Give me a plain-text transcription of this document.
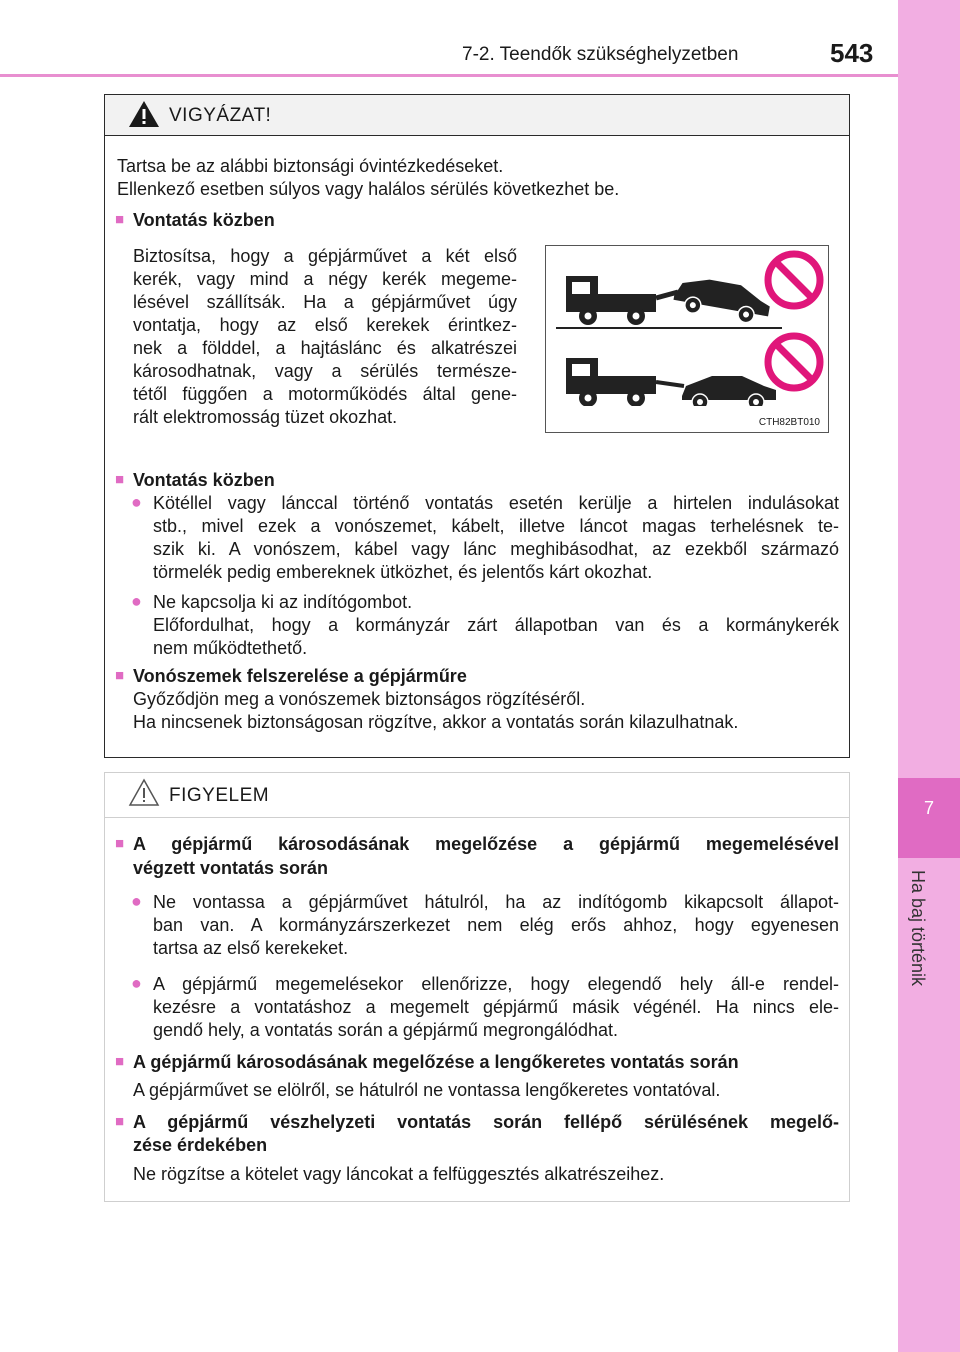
7-2. Teendők szükséghelyzetben	543
7
Ha baj történik
VIGYÁZAT!
Tartsa be az alábbi biztonsági óvintézkedéseket.
Ellenkező esetben súlyos vagy halálos sérülés következhet be.
■ Vontatás közben
Biztosítsa, hogy a gépjárművet a két első
kerék, vagy mind a négy kerék megeme-
lésével szállítsák. Ha a gépjárművet úgy
vontatja, hogy az első kerekek érintkez-
nek a földdel, a hajtáslánc és alkatrészei
károsodhatnak, vagy a sérülés természe-
tétől függően a motorműködés által gene-
rált elektromosság tüzet okozhat.	CTH82BT010
■ Vontatás közben
● Kötéllel vagy lánccal történő vontatás esetén kerülje a hirtelen indulásokat
stb., mivel ezek a vonószemet, kábelt, illetve láncot magas terhelésnek te-
szik ki. A vonószem, kábel vagy lánc meghibásodhat, az ezekből származó
törmelék pedig embereknek ütközhet, és jelentős kárt okozhat.
● Ne kapcsolja ki az indítógombot.
Előfordulhat, hogy a kormányzár zárt állapotban van és a kormánykerék
nem működtethető.
■ Vonószemek felszerelése a gépjárműre
Győződjön meg a vonószemek biztonságos rögzítéséről.
Ha nincsenek biztonságosan rögzítve, akkor a vontatás során kilazulhatnak.
FIGYELEM
■ A gépjármű károsodásának megelőzése a gépjármű megemelésével
végzett vontatás során
● Ne vontassa a gépjárművet hátulról, ha az indítógomb kikapcsolt állapot-
ban van. A kormányzárszerkezet nem elég erős ahhoz, hogy egyenesen
tartsa az első kerekeket.
● A gépjármű megemelésekor ellenőrizze, hogy elegendő hely áll-e rendel-
kezésre a vontatáshoz a megemelt gépjármű másik végénél. Ha nincs ele-
gendő hely, a vontatás során a gépjármű megrongálódhat.
■ A gépjármű károsodásának megelőzése a lengőkeretes vontatás során
A gépjárművet se elölről, se hátulról ne vontassa lengőkeretes vontatóval.
■ A gépjármű vészhelyzeti vontatás során fellépő sérülésének megelő-
zése érdekében
Ne rögzítse a kötelet vagy láncokat a felfüggesztés alkatrészeihez.
